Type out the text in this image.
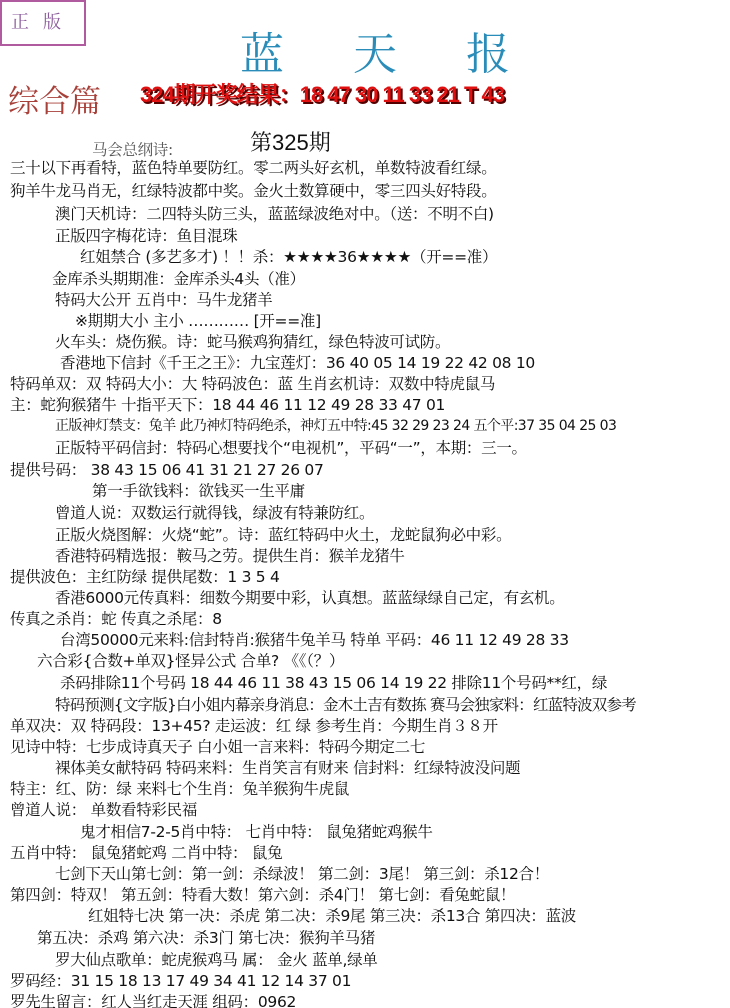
正版
蓝 天 报
综合篇 324期开奖结果：18 47 30 11 33 21 T 43
第325期
马会总纲诗:
三十以下再看特，蓝色特单要防红。零二两头好玄机，单数特波看红绿。
狗羊牛龙马肖无，红绿特波都中奖。金火土数算硬中，零三四头好特段。
澳门天机诗：二四特头防三头，蓝蓝绿波绝对中。（送：不明不白)
正版四字梅花诗：鱼目混珠
红姐禁合 (多艺多才) ！！杀：★★★★36★★★★（开==准）
金库杀头期期准：金库杀头4头（准）
特码大公开 五肖中：马牛龙猪羊
※期期大小 主小 ………… [开==准]
火车头：烧伤猴。诗：蛇马猴鸡狗猜红，绿色特波可试防。
香港地下信封《千王之王》：九宝莲灯：36 40 05 14 19 22 42 08 10
特码单双：双 特码大小：大 特码波色：蓝 生肖玄机诗：双数中特虎鼠马
主：蛇狗猴猪牛 十指平天下：18 44 46 11 12 49 28 33 47 01
正版神灯禁支：兔羊 此乃神灯特码绝杀，神灯五中特:45 32 29 23 24 五个平:37 35 04 25 03
正版特平码信封：特码心想要找个“电视机”，平码“一”，本期：三一。
提供号码： 38 43 15 06 41 31 21 27 26 07
第一手欲钱料：欲钱买一生平庸
曾道人说：双数运行就得钱，绿波有特兼防红。
正版火烧图解：火烧“蛇”。诗：蓝红特码中火土，龙蛇鼠狗必中彩。
香港特码精选报：鞍马之劳。提供生肖：猴羊龙猪牛
提供波色：主红防绿 提供尾数：1 3 5 4
香港6000元传真料：细数今期要中彩，认真想。蓝蓝绿绿自己定，有玄机。
传真之杀肖：蛇 传真之杀尾：8
台湾50000元来料:信封特肖:猴猪牛兔羊马 特单 平码：46 11 12 49 28 33
六合彩{合数+单双}怪异公式 合单? 《《（？）
杀码排除11个号码 18 44 46 11 38 43 15 06 14 19 22 排除11个号码**红，绿
特码预测{文字版}白小姐内幕亲身消息：金木土吉有数拣 赛马会独家料：红蓝特波双参考
单双决：双 特码段：13+45? 走运波：红 绿 参考生肖：今期生肖３８开
见诗中特：七步成诗真天子 白小姐一言来料：特码今期定二七
裸体美女献特码 特码来料：生肖笑言有财来 信封料：红绿特波没问题
特主：红、防：绿 来料七个生肖：兔羊猴狗牛虎鼠
曾道人说： 单数看特彩民福
鬼才相信7-2-5肖中特： 七肖中特： 鼠兔猪蛇鸡猴牛
五肖中特： 鼠兔猪蛇鸡 二肖中特： 鼠兔
七剑下天山第七剑：第一剑：杀绿波！ 第二剑：3尾！ 第三剑：杀12合！
第四剑：特双！ 第五剑：特看大数！第六剑：杀4门！ 第七剑：看兔蛇鼠！
红姐特七决 第一决：杀虎 第二决：杀9尾 第三决：杀13合 第四决：蓝波
第五决：杀鸡 第六决：杀3门 第七决：猴狗羊马猪
罗大仙点歌单：蛇虎猴鸡马 属： 金火 蓝单,绿单
罗码经：31 15 18 13 17 49 34 41 12 14 37 01
罗先生留言：红人当红走天涯 组码：0962
